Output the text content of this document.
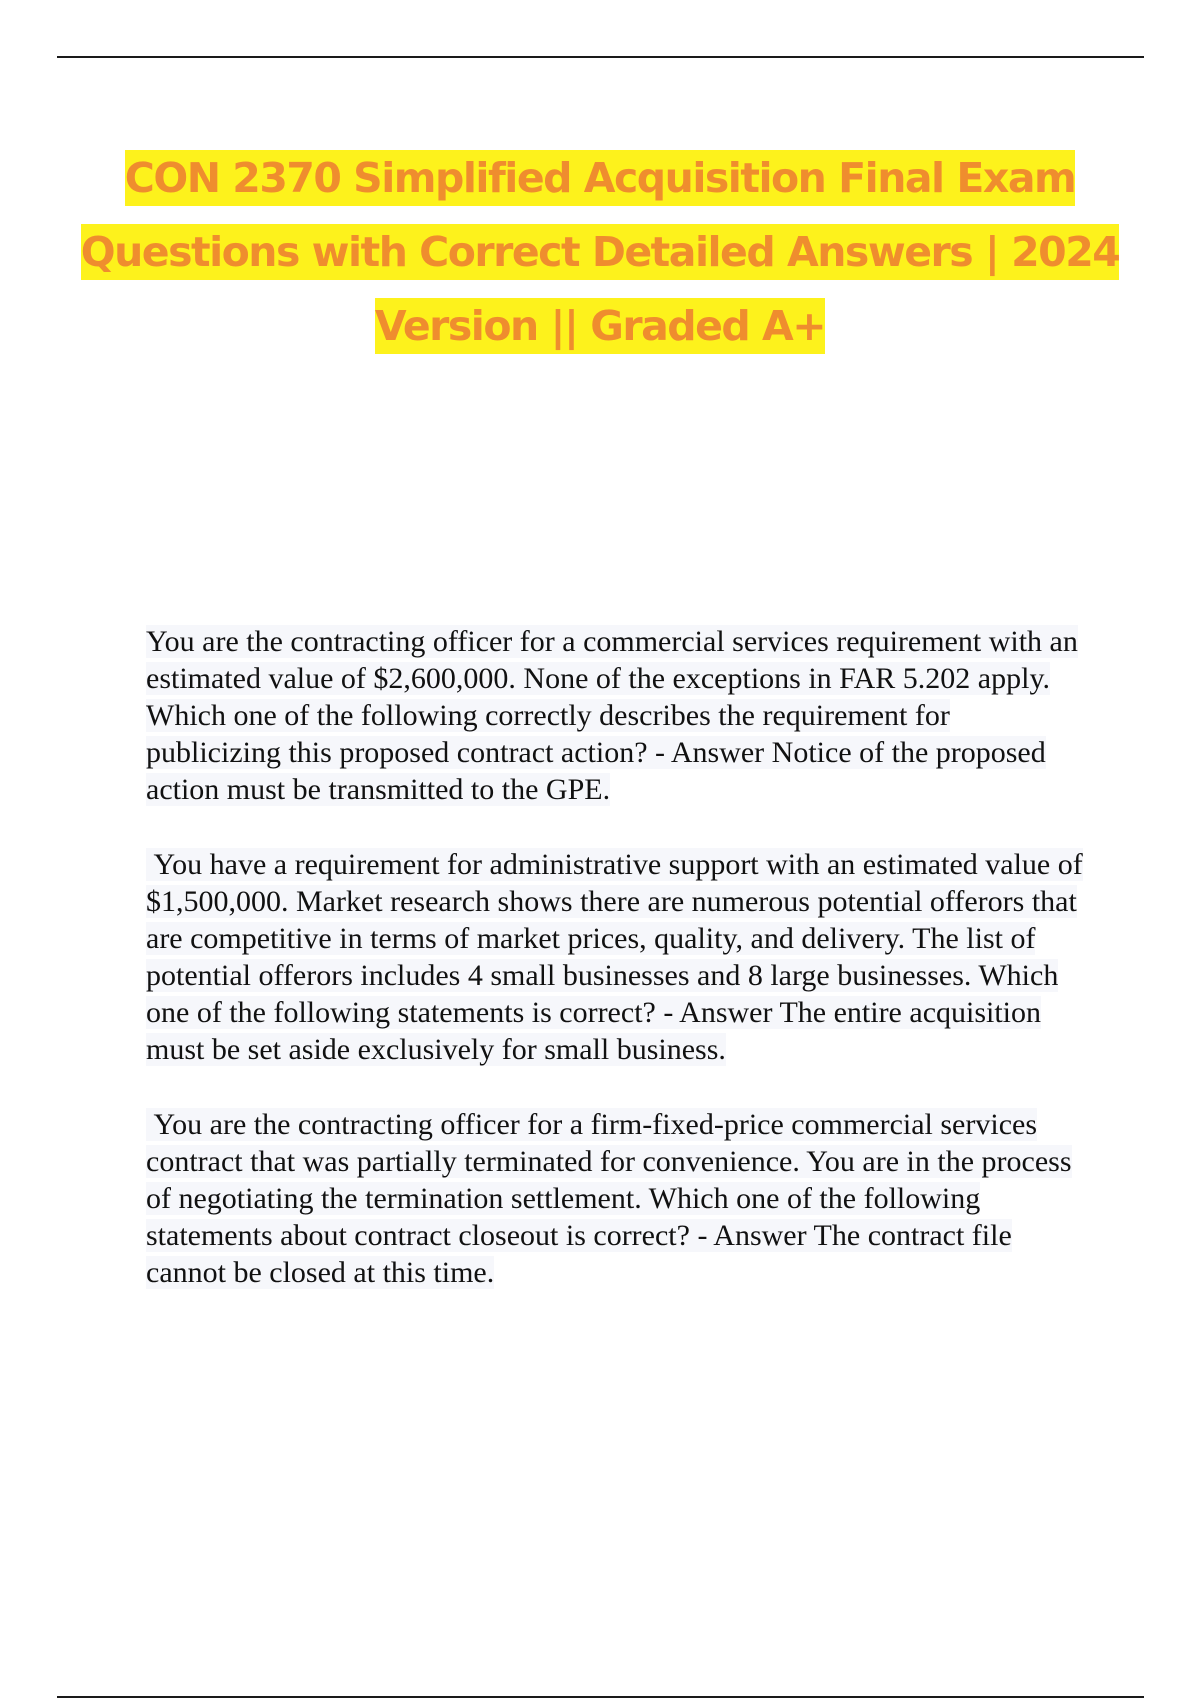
CON 2370 Simplified Acquisition Final Exam Questions with Correct Detailed Answers | 2024 Version || Graded A+

You are the contracting officer for a commercial services requirement with an estimated value of $2,600,000. None of the exceptions in FAR 5.202 apply. Which one of the following correctly describes the requirement for publicizing this proposed contract action? - Answer Notice of the proposed action must be transmitted to the GPE.

You have a requirement for administrative support with an estimated value of $1,500,000. Market research shows there are numerous potential offerors that are competitive in terms of market prices, quality, and delivery. The list of potential offerors includes 4 small businesses and 8 large businesses. Which one of the following statements is correct? - Answer The entire acquisition must be set aside exclusively for small business.

You are the contracting officer for a firm-fixed-price commercial services contract that was partially terminated for convenience. You are in the process of negotiating the termination settlement. Which one of the following statements about contract closeout is correct? - Answer The contract file cannot be closed at this time.
